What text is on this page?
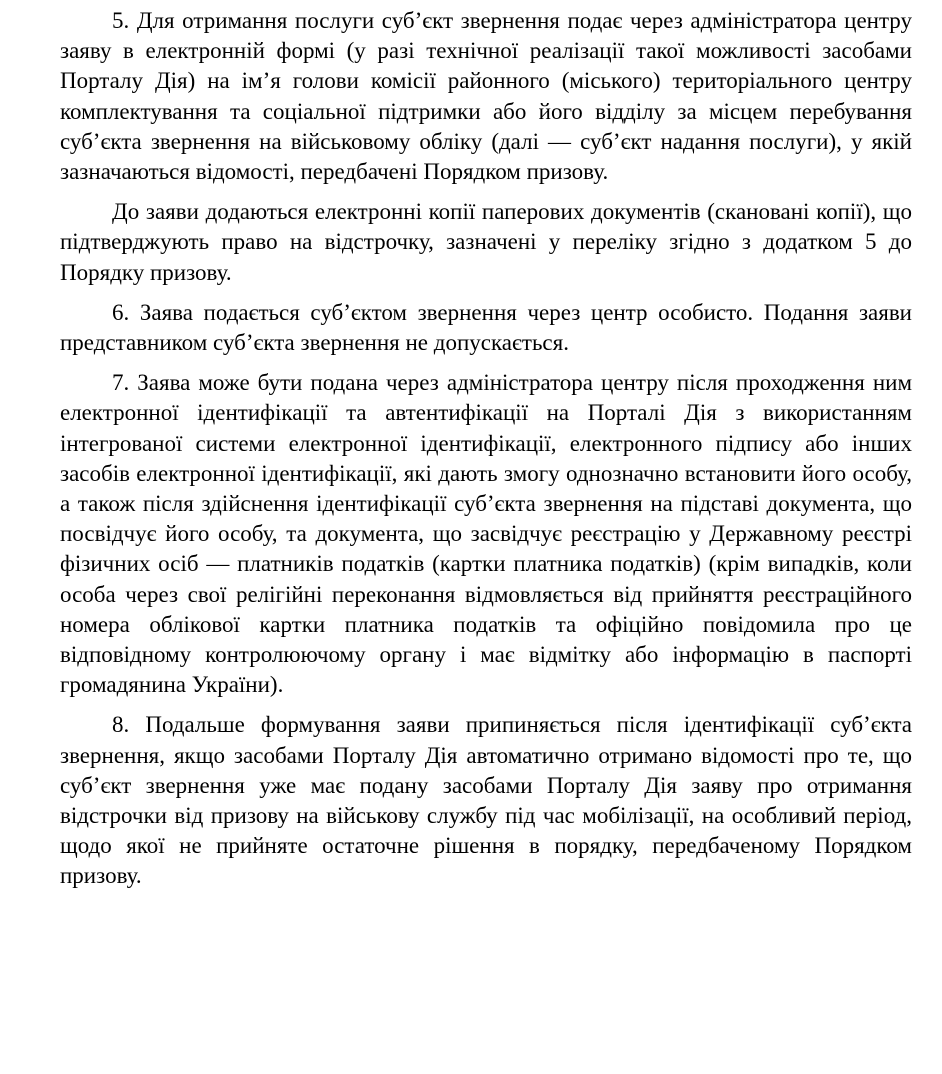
5. Для отримання послуги суб’єкт звернення подає через адміністратора центру заяву в електронній формі (у разі технічної реалізації такої можливості засобами Порталу Дія) на ім’я голови комісії районного (міського) територіального центру комплектування та соціальної підтримки або його відділу за місцем перебування суб’єкта звернення на військовому обліку (далі — суб’єкт надання послуги), у якій зазначаються відомості, передбачені Порядком призову.

До заяви додаються електронні копії паперових документів (скановані копії), що підтверджують право на відстрочку, зазначені у переліку згідно з додатком 5 до Порядку призову.

6. Заява подається суб’єктом звернення через центр особисто. Подання заяви представником суб’єкта звернення не допускається.

7. Заява може бути подана через адміністратора центру після проходження ним електронної ідентифікації та автентифікації на Порталі Дія з використанням інтегрованої системи електронної ідентифікації, електронного підпису або інших засобів електронної ідентифікації, які дають змогу однозначно встановити його особу, а також після здійснення ідентифікації суб’єкта звернення на підставі документа, що посвідчує його особу, та документа, що засвідчує реєстрацію у Державному реєстрі фізичних осіб — платників податків (картки платника податків) (крім випадків, коли особа через свої релігійні переконання відмовляється від прийняття реєстраційного номера облікової картки платника податків та офіційно повідомила про це відповідному контролюючому органу і має відмітку або інформацію в паспорті громадянина України).

8. Подальше формування заяви припиняється після ідентифікації суб’єкта звернення, якщо засобами Порталу Дія автоматично отримано відомості про те, що суб’єкт звернення уже має подану засобами Порталу Дія заяву про отримання відстрочки від призову на військову службу під час мобілізації, на особливий період, щодо якої не прийняте остаточне рішення в порядку, передбаченому Порядком призову.
